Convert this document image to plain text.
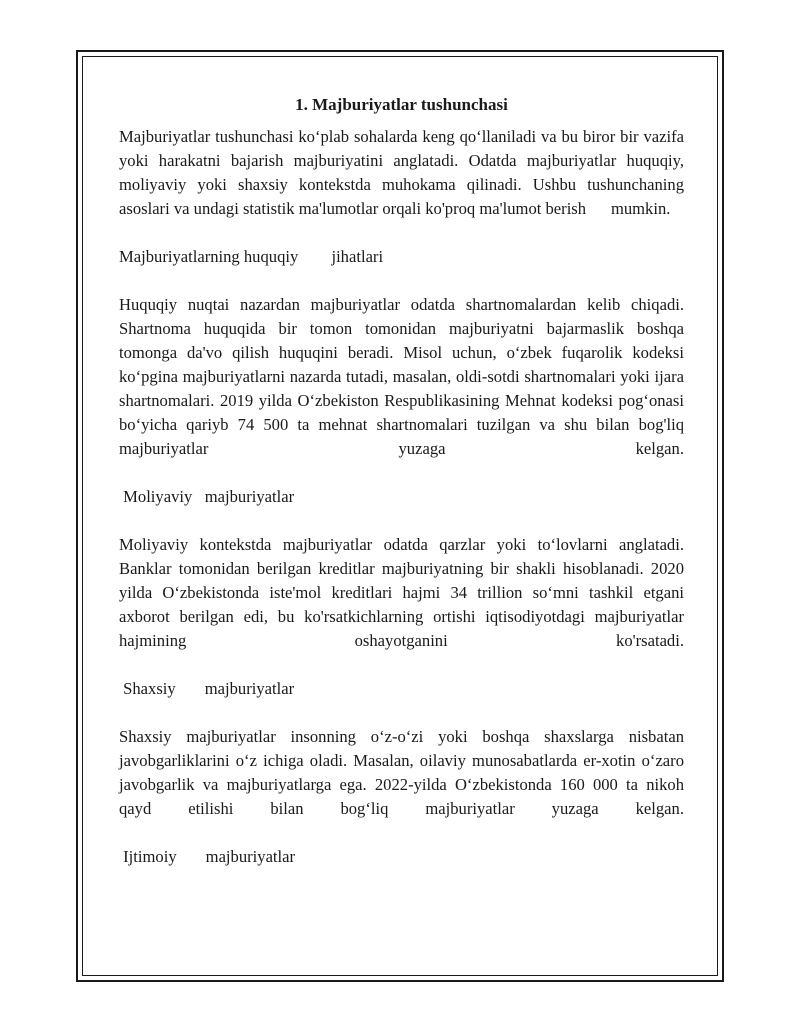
1. Majburiyatlar tushunchasi

Majburiyatlar tushunchasi ko‘plab sohalarda keng qo‘llaniladi va bu biror bir vazifa yoki harakatni bajarish majburiyatini anglatadi. Odatda majburiyatlar huquqiy, moliyaviy yoki shaxsiy kontekstda muhokama qilinadi. Ushbu tushunchaning asoslari va undagi statistik ma'lumotlar orqali ko'proq ma'lumot berish      mumkin.

Majburiyatlarning huquqiy        jihatlari

Huquqiy nuqtai nazardan majburiyatlar odatda shartnomalardan kelib chiqadi. Shartnoma huquqida bir tomon tomonidan majburiyatni bajarmaslik boshqa tomonga da'vo qilish huquqini beradi. Misol uchun, o‘zbek fuqarolik kodeksi ko‘pgina majburiyatlarni nazarda tutadi, masalan, oldi-sotdi shartnomalari yoki ijara shartnomalari. 2019 yilda O‘zbekiston Respublikasining Mehnat kodeksi pog‘onasi bo‘yicha qariyb 74 500 ta mehnat shartnomalari tuzilgan va shu bilan bog'liq majburiyatlar yuzaga kelgan.

Moliyaviy   majburiyatlar

Moliyaviy kontekstda majburiyatlar odatda qarzlar yoki to‘lovlarni anglatadi. Banklar tomonidan berilgan kreditlar majburiyatning bir shakli hisoblanadi. 2020 yilda O‘zbekistonda iste'mol kreditlari hajmi 34 trillion so‘mni tashkil etgani axborot berilgan edi, bu ko'rsatkichlarning ortishi iqtisodiyotdagi majburiyatlar hajmining oshayotganini ko'rsatadi.

Shaxsiy       majburiyatlar

Shaxsiy majburiyatlar insonning o‘z-o‘zi yoki boshqa shaxslarga nisbatan javobgarliklarini o‘z ichiga oladi. Masalan, oilaviy munosabatlarda er-xotin o‘zaro javobgarlik va majburiyatlarga ega. 2022-yilda O‘zbekistonda 160 000 ta nikoh qayd etilishi bilan bog‘liq majburiyatlar yuzaga kelgan.

Ijtimoiy       majburiyatlar
